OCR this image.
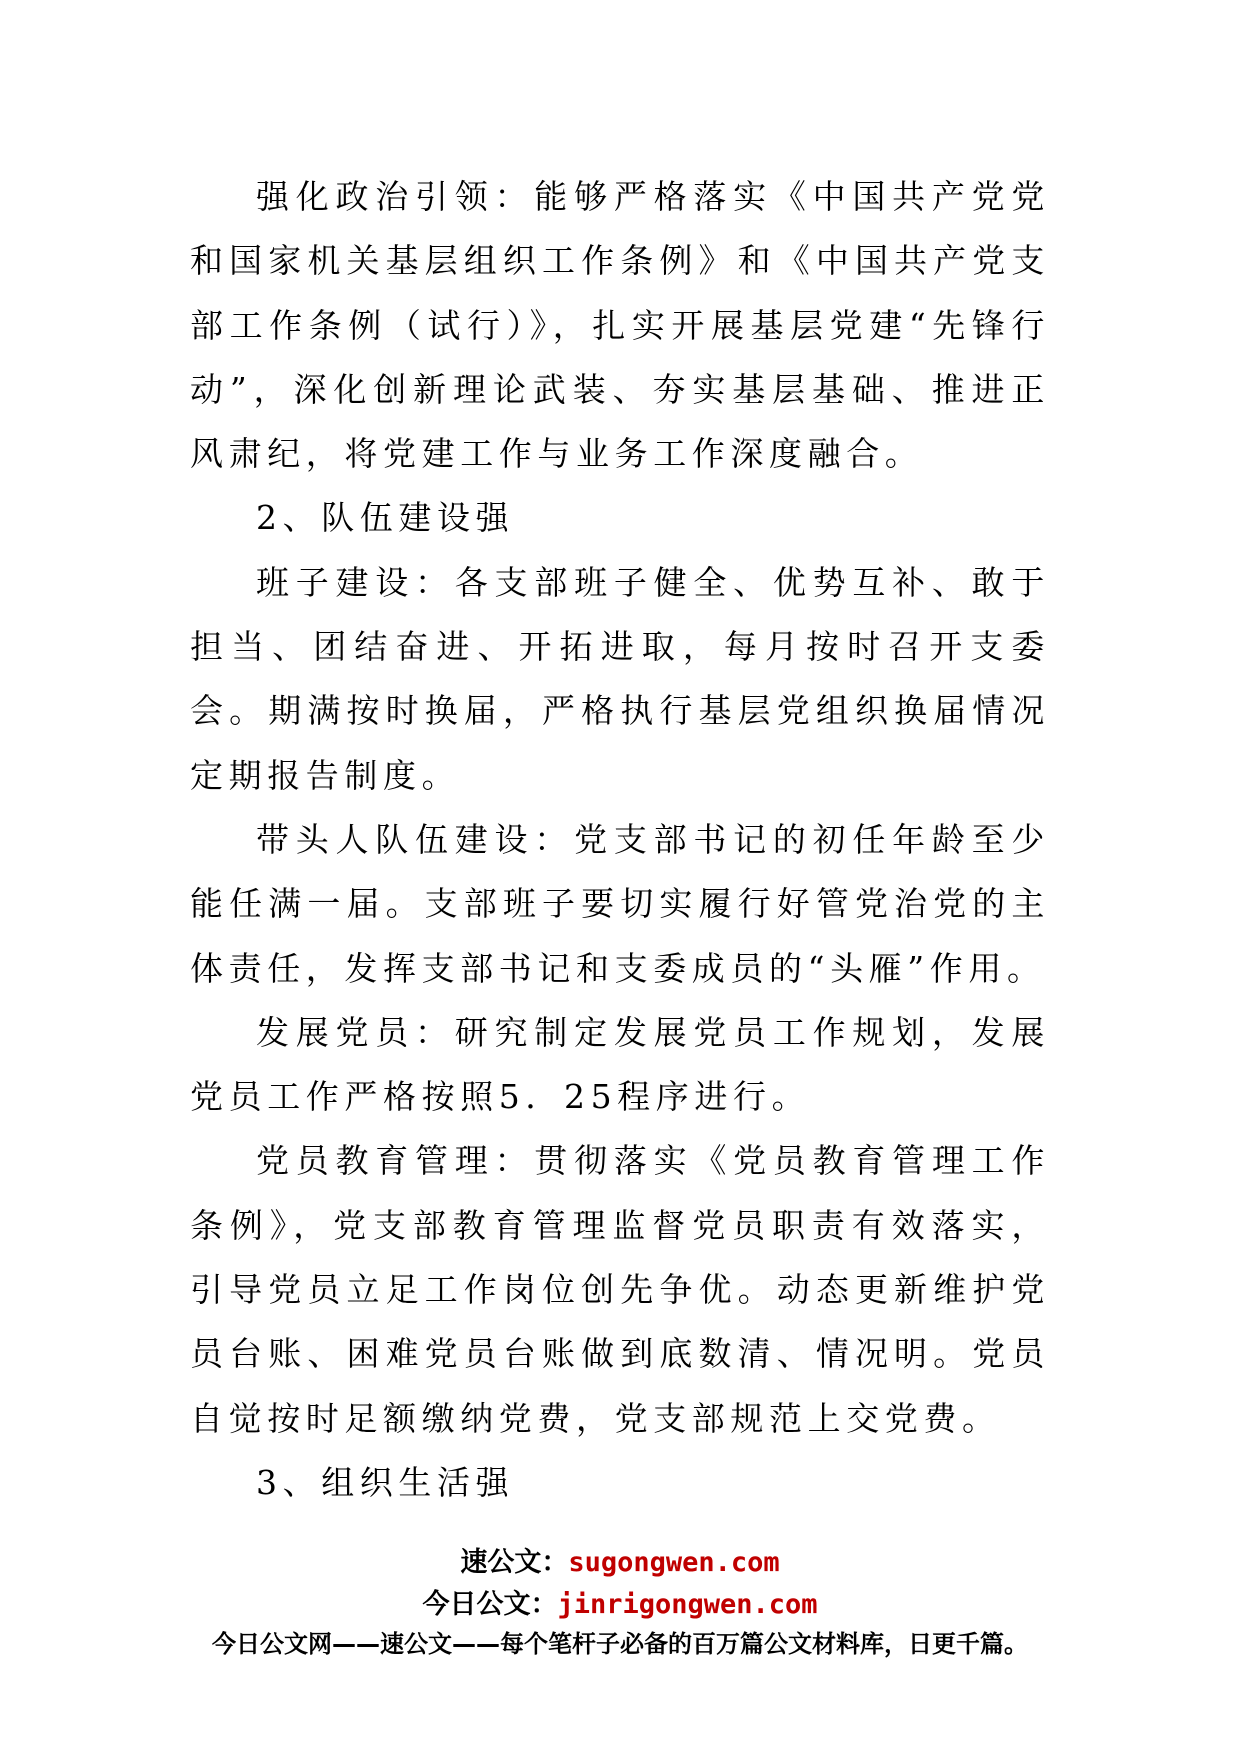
强化政治引领：能够严格落实《中国共产党党和国家机关基层组织工作条例》和《中国共产党支部工作条例（试行）》，扎实开展基层党建“先锋行动”，深化创新理论武装、夯实基层基础、推进正风肃纪，将党建工作与业务工作深度融合。

2、队伍建设强

班子建设：各支部班子健全、优势互补、敢于担当、团结奋进、开拓进取，每月按时召开支委会。期满按时换届，严格执行基层党组织换届情况定期报告制度。

带头人队伍建设：党支部书记的初任年龄至少能任满一届。支部班子要切实履行好管党治党的主体责任，发挥支部书记和支委成员的“头雁”作用。

发展党员：研究制定发展党员工作规划，发展党员工作严格按照5．25程序进行。

党员教育管理：贯彻落实《党员教育管理工作条例》，党支部教育管理监督党员职责有效落实，引导党员立足工作岗位创先争优。动态更新维护党员台账、困难党员台账做到底数清、情况明。党员自觉按时足额缴纳党费，党支部规范上交党费。

3、组织生活强

速公文：sugongwen.com
今日公文：jinrigongwen.com
今日公文网——速公文——每个笔杆子必备的百万篇公文材料库，日更千篇。
